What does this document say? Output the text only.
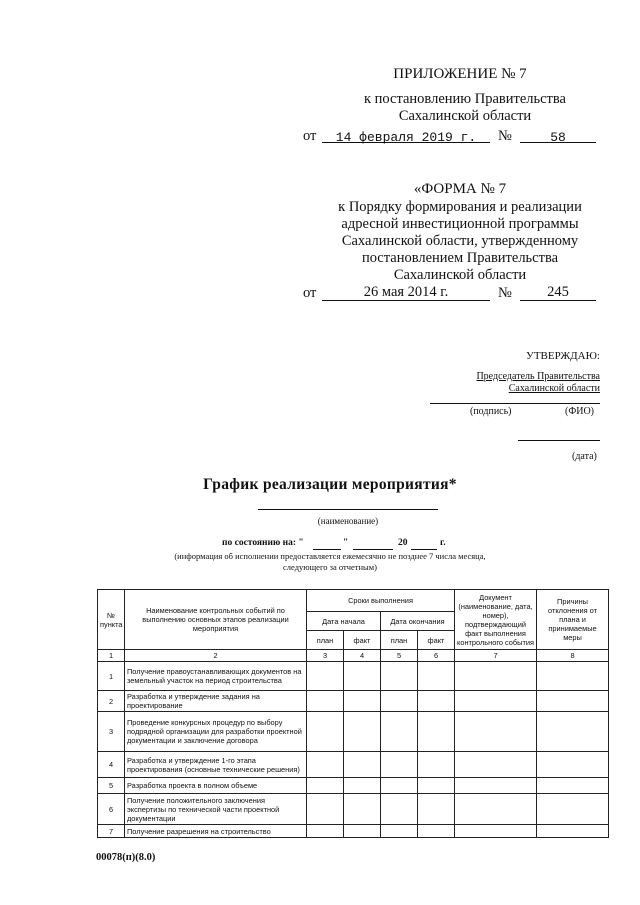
ПРИЛОЖЕНИЕ № 7
к постановлению Правительства
Сахалинской области
от	14 февраля 2019 г.	№	58
«ФОРМА № 7
к Порядку формирования и реализации
адресной инвестиционной программы
Сахалинской области, утвержденному
постановлением Правительства
Сахалинской области
от	26 мая 2014 г.	№	245
УТВЕРЖДАЮ:
Председатель Правительства
Сахалинской области
(подпись)	(ФИО)
(дата)
График реализации мероприятия*
(наименование)
по состоянию на: "	"	20	г.
(информация об исполнении предоставляется ежемесячно не позднее 7 числа месяца,
следующего за отчетным)
№ пункта	Наименование контрольных событий по выполнению основных этапов реализации мероприятия	Сроки выполнения				Документ (наименование, дата, номер), подтверждающий факт выполнения контрольного события	Причины отклонения от плана и принимаемые меры
		Дата начала		Дата окончания			
		план	факт	план	факт		
1	2	3	4	5	6	7	8
1	Получение правоустанавливающих документов на земельный участок на период строительства						
2	Разработка и утверждение задания на проектирование						
3	Проведение конкурсных процедур по выбору подрядной организации для разработки проектной документации и заключение договора						
4	Разработка и утверждение 1-го этапа проектирования (основные технические решения)						
5	Разработка проекта в полном объеме						
6	Получение положительного заключения экспертизы по технической части проектной документации						
7	Получение разрешения на строительство						
00078(п)(8.0)
